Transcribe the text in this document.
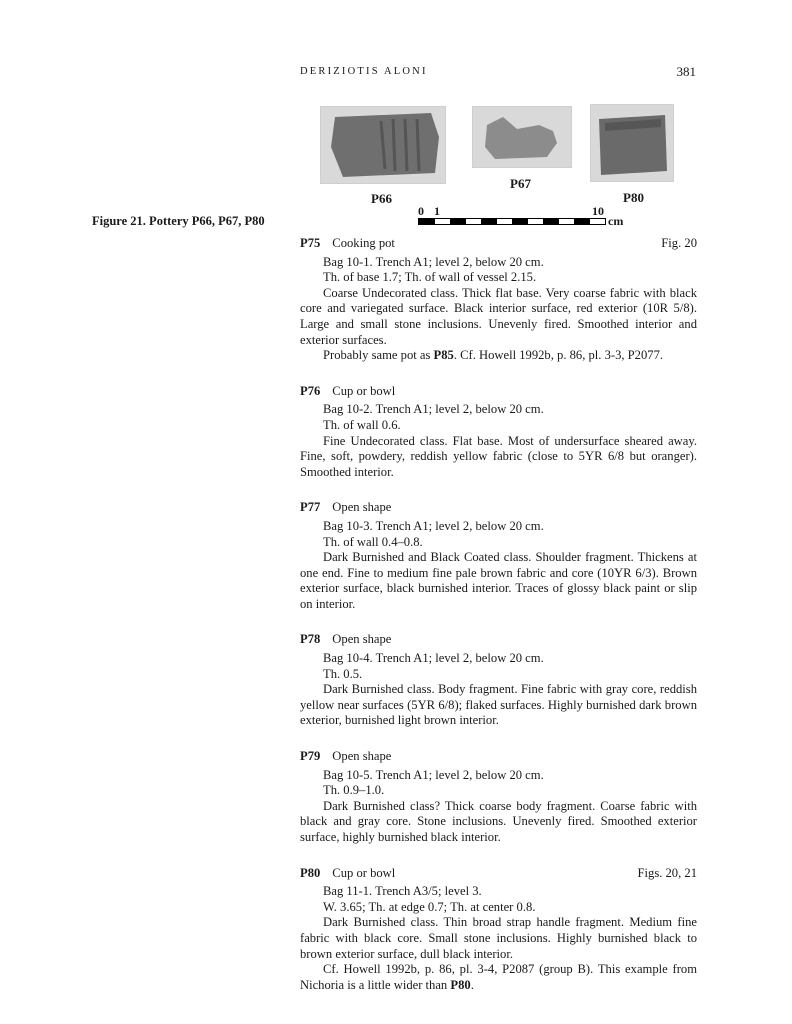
DERIZIOTIS ALONI	381
P66
P67
P80
0 1	10
cm
Figure 21. Pottery P66, P67, P80
P75 Cooking pot	Fig. 20

Bag 10-1. Trench A1; level 2, below 20 cm.

Th. of base 1.7; Th. of wall of vessel 2.15.

Coarse Undecorated class. Thick flat base. Very coarse fabric with black core and variegated surface. Black interior surface, red exterior (10R 5/8). Large and small stone inclusions. Unevenly fired. Smoothed interior and exterior surfaces.

Probably same pot as P85. Cf. Howell 1992b, p. 86, pl. 3-3, P2077.

P76 Cup or bowl

Bag 10-2. Trench A1; level 2, below 20 cm.

Th. of wall 0.6.

Fine Undecorated class. Flat base. Most of undersurface sheared away. Fine, soft, powdery, reddish yellow fabric (close to 5YR 6/8 but oranger). Smoothed interior.

P77 Open shape

Bag 10-3. Trench A1; level 2, below 20 cm.

Th. of wall 0.4–0.8.

Dark Burnished and Black Coated class. Shoulder fragment. Thickens at one end. Fine to medium fine pale brown fabric and core (10YR 6/3). Brown exterior surface, black burnished interior. Traces of glossy black paint or slip on interior.

P78 Open shape

Bag 10-4. Trench A1; level 2, below 20 cm.

Th. 0.5.

Dark Burnished class. Body fragment. Fine fabric with gray core, reddish yellow near surfaces (5YR 6/8); flaked surfaces. Highly burnished dark brown exterior, burnished light brown interior.

P79 Open shape

Bag 10-5. Trench A1; level 2, below 20 cm.

Th. 0.9–1.0.

Dark Burnished class? Thick coarse body fragment. Coarse fabric with black and gray core. Stone inclusions. Unevenly fired. Smoothed exterior surface, highly burnished black interior.

P80 Cup or bowl	Figs. 20, 21

Bag 11-1. Trench A3/5; level 3.

W. 3.65; Th. at edge 0.7; Th. at center 0.8.

Dark Burnished class. Thin broad strap handle fragment. Medium fine fabric with black core. Small stone inclusions. Highly burnished black to brown exterior surface, dull black interior.

Cf. Howell 1992b, p. 86, pl. 3-4, P2087 (group B). This example from Nichoria is a little wider than P80.
